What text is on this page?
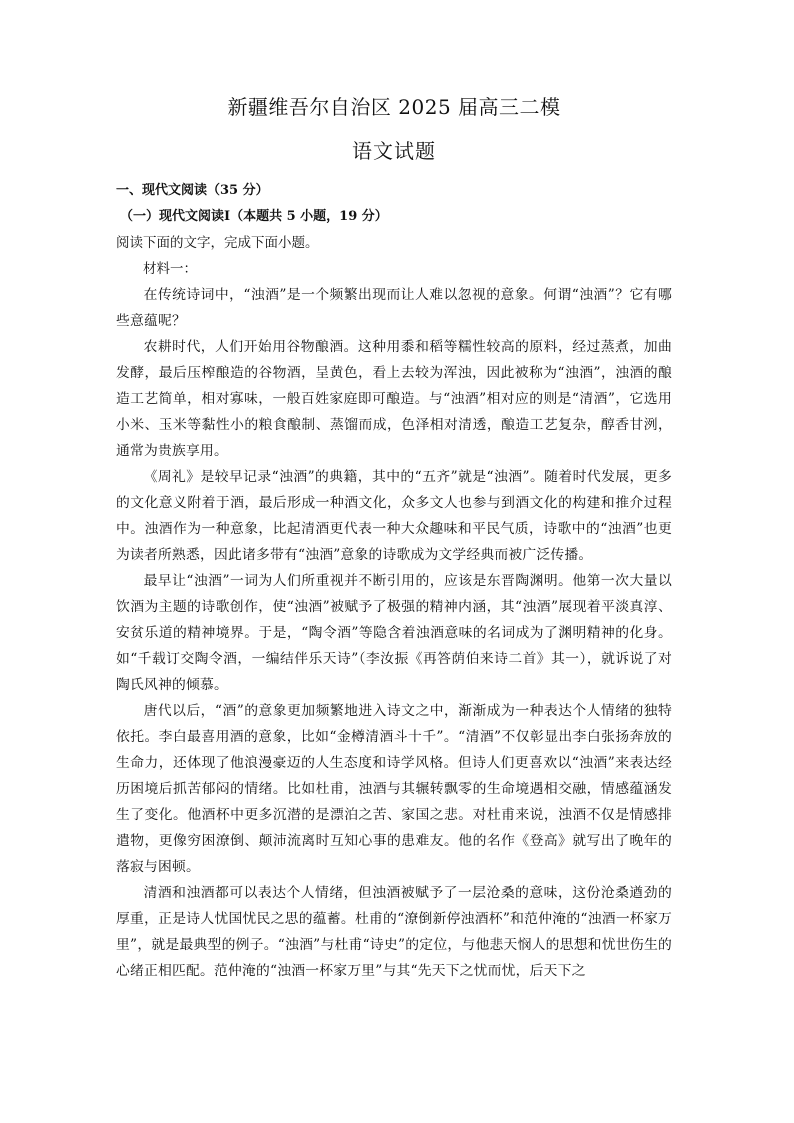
新疆维吾尔自治区 2025 届高三二模
语文试题

一、现代文阅读（35 分）

（一）现代文阅读Ⅰ（本题共 5 小题，19 分）

阅读下面的文字，完成下面小题。

材料一：

在传统诗词中，“浊酒”是一个频繁出现而让人难以忽视的意象。何谓“浊酒”？它有哪些意蕴呢？

农耕时代，人们开始用谷物酿酒。这种用黍和稻等糯性较高的原料，经过蒸煮，加曲发酵，最后压榨酿造的谷物酒，呈黄色，看上去较为浑浊，因此被称为“浊酒”，浊酒的酿造工艺简单，相对寡味，一般百姓家庭即可酿造。与“浊酒”相对应的则是“清酒”，它选用小米、玉米等黏性小的粮食酿制、蒸馏而成，色泽相对清透，酿造工艺复杂，醇香甘洌，通常为贵族享用。

《周礼》是较早记录“浊酒”的典籍，其中的“五齐”就是“浊酒”。随着时代发展，更多的文化意义附着于酒，最后形成一种酒文化，众多文人也参与到酒文化的构建和推介过程中。浊酒作为一种意象，比起清酒更代表一种大众趣味和平民气质，诗歌中的“浊酒”也更为读者所熟悉，因此诸多带有“浊酒”意象的诗歌成为文学经典而被广泛传播。

最早让“浊酒”一词为人们所重视并不断引用的，应该是东晋陶渊明。他第一次大量以饮酒为主题的诗歌创作，使“浊酒”被赋予了极强的精神内涵，其“浊酒”展现着平淡真淳、安贫乐道的精神境界。于是，“陶令酒”等隐含着浊酒意味的名词成为了渊明精神的化身。如“千载订交陶令酒，一编结伴乐天诗”（李汝振《再答荫伯来诗二首》其一），就诉说了对陶氏风神的倾慕。

唐代以后，“酒”的意象更加频繁地进入诗文之中，渐渐成为一种表达个人情绪的独特依托。李白最喜用酒的意象，比如“金樽清酒斗十千”。“清酒”不仅彰显出李白张扬奔放的生命力，还体现了他浪漫豪迈的人生态度和诗学风格。但诗人们更喜欢以“浊酒”来表达经历困境后抓苦郁闷的情绪。比如杜甫，浊酒与其辗转飘零的生命境遇相交融，情感蕴涵发生了变化。他酒杯中更多沉潜的是漂泊之苦、家国之悲。对杜甫来说，浊酒不仅是情感排遣物，更像穷困潦倒、颠沛流离时互知心事的患难友。他的名作《登高》就写出了晚年的落寂与困顿。

清酒和浊酒都可以表达个人情绪，但浊酒被赋予了一层沧桑的意味，这份沧桑遒劲的厚重，正是诗人忧国忧民之思的蕴蓄。杜甫的“潦倒新停浊酒杯”和范仲淹的“浊酒一杯家万里”，就是最典型的例子。“浊酒”与杜甫“诗史”的定位，与他悲天悯人的思想和忧世伤生的心绪正相匹配。范仲淹的“浊酒一杯家万里”与其“先天下之忧而忧，后天下之
